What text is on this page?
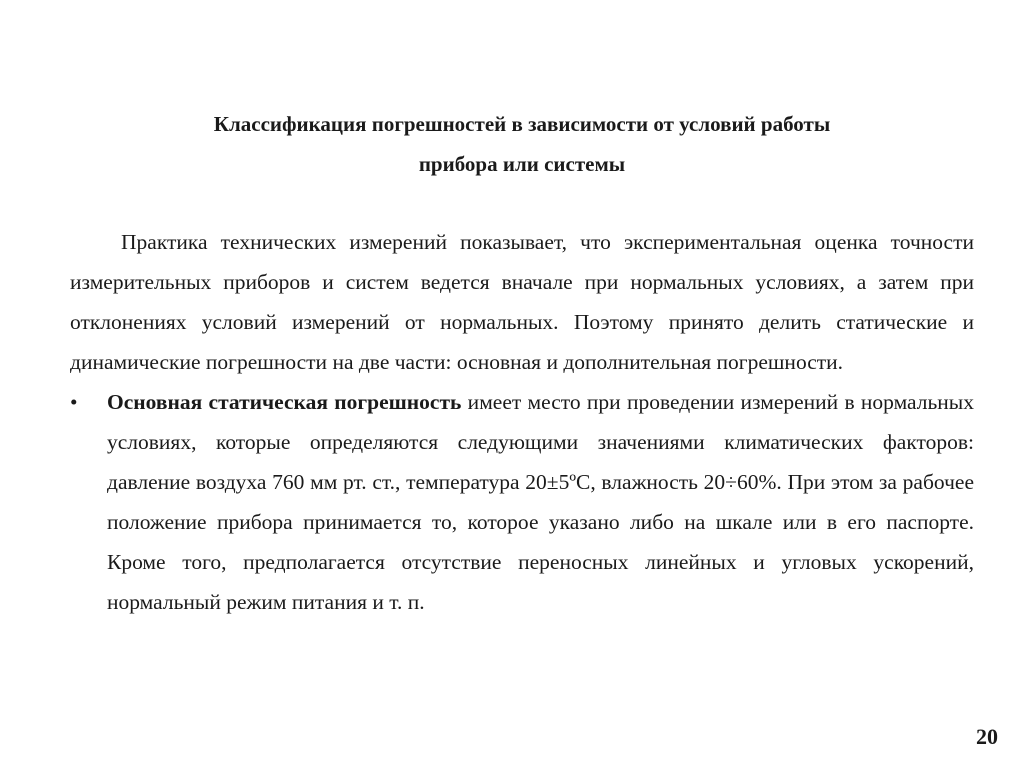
Классификация погрешностей в зависимости от условий работы
прибора или системы

Практика технических измерений показывает, что экспериментальная оценка точности измерительных приборов и систем ведется вначале при нормальных условиях, а затем при отклонениях условий измерений от нормальных. Поэтому принято делить статические и динамические погрешности на две части: основная и дополнительная погрешности.

•	Основная статическая погрешность имеет место при проведении измерений в нормальных условиях, которые определяются следующими значениями климатических факторов: давление воздуха 760 мм рт. ст., температура 20±5ºС, влажность 20÷60%. При этом за рабочее положение прибора принимается то, которое указано либо на шкале или в его паспорте. Кроме того, предполагается отсутствие переносных линейных и угловых ускорений, нормальный режим питания и т. п.

20
